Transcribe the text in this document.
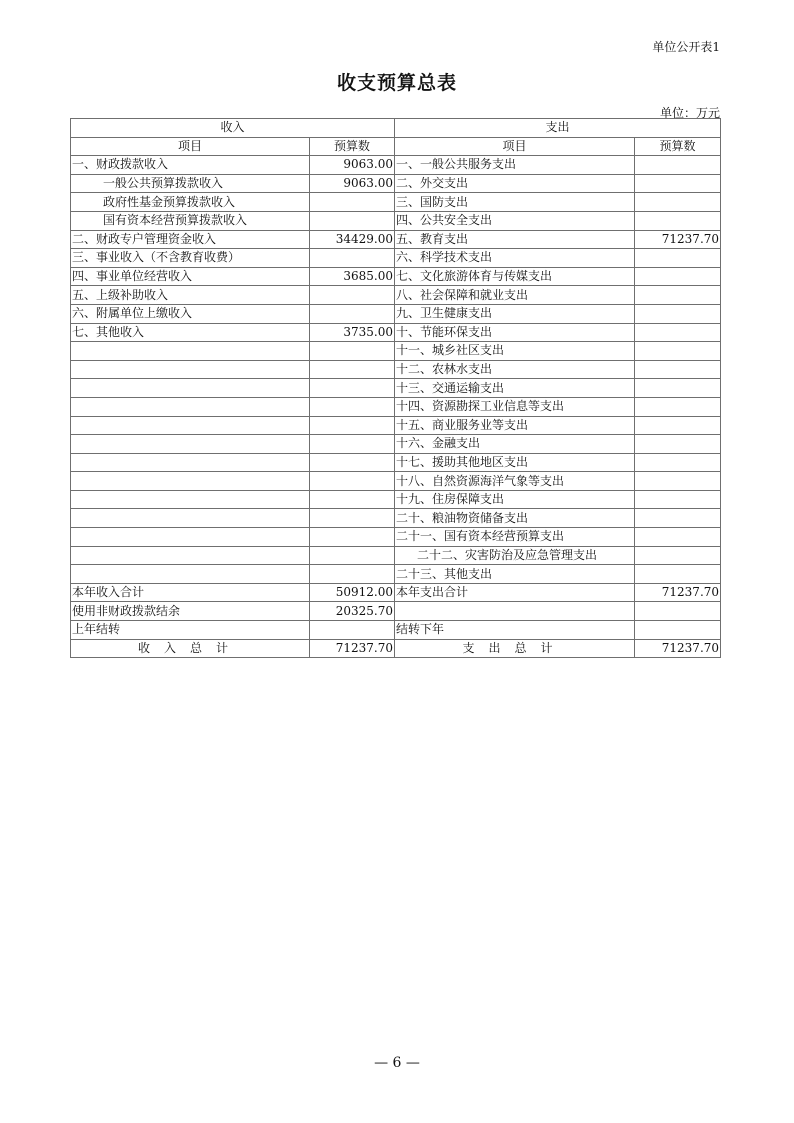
单位公开表1
收支预算总表
单位：万元
收入		支出	
项目	预算数	项目	预算数
一、财政拨款收入	9063.00	一、一般公共服务支出	
一般公共预算拨款收入	9063.00	二、外交支出	
政府性基金预算拨款收入		三、国防支出	
国有资本经营预算拨款收入		四、公共安全支出	
二、财政专户管理资金收入	34429.00	五、教育支出	71237.70
三、事业收入（不含教育收费）		六、科学技术支出	
四、事业单位经营收入	3685.00	七、文化旅游体育与传媒支出	
五、上级补助收入		八、社会保障和就业支出	
六、附属单位上缴收入		九、卫生健康支出	
七、其他收入	3735.00	十、节能环保支出	
		十一、城乡社区支出	
		十二、农林水支出	
		十三、交通运输支出	
		十四、资源勘探工业信息等支出	
		十五、商业服务业等支出	
		十六、金融支出	
		十七、援助其他地区支出	
		十八、自然资源海洋气象等支出	
		十九、住房保障支出	
		二十、粮油物资储备支出	
		二十一、国有资本经营预算支出	
		二十二、灾害防治及应急管理支出	
		二十三、其他支出	
本年收入合计	50912.00	本年支出合计	71237.70
使用非财政拨款结余	20325.70		
上年结转		结转下年	
收入总计	71237.70	支出总计	71237.70
— 6 —
